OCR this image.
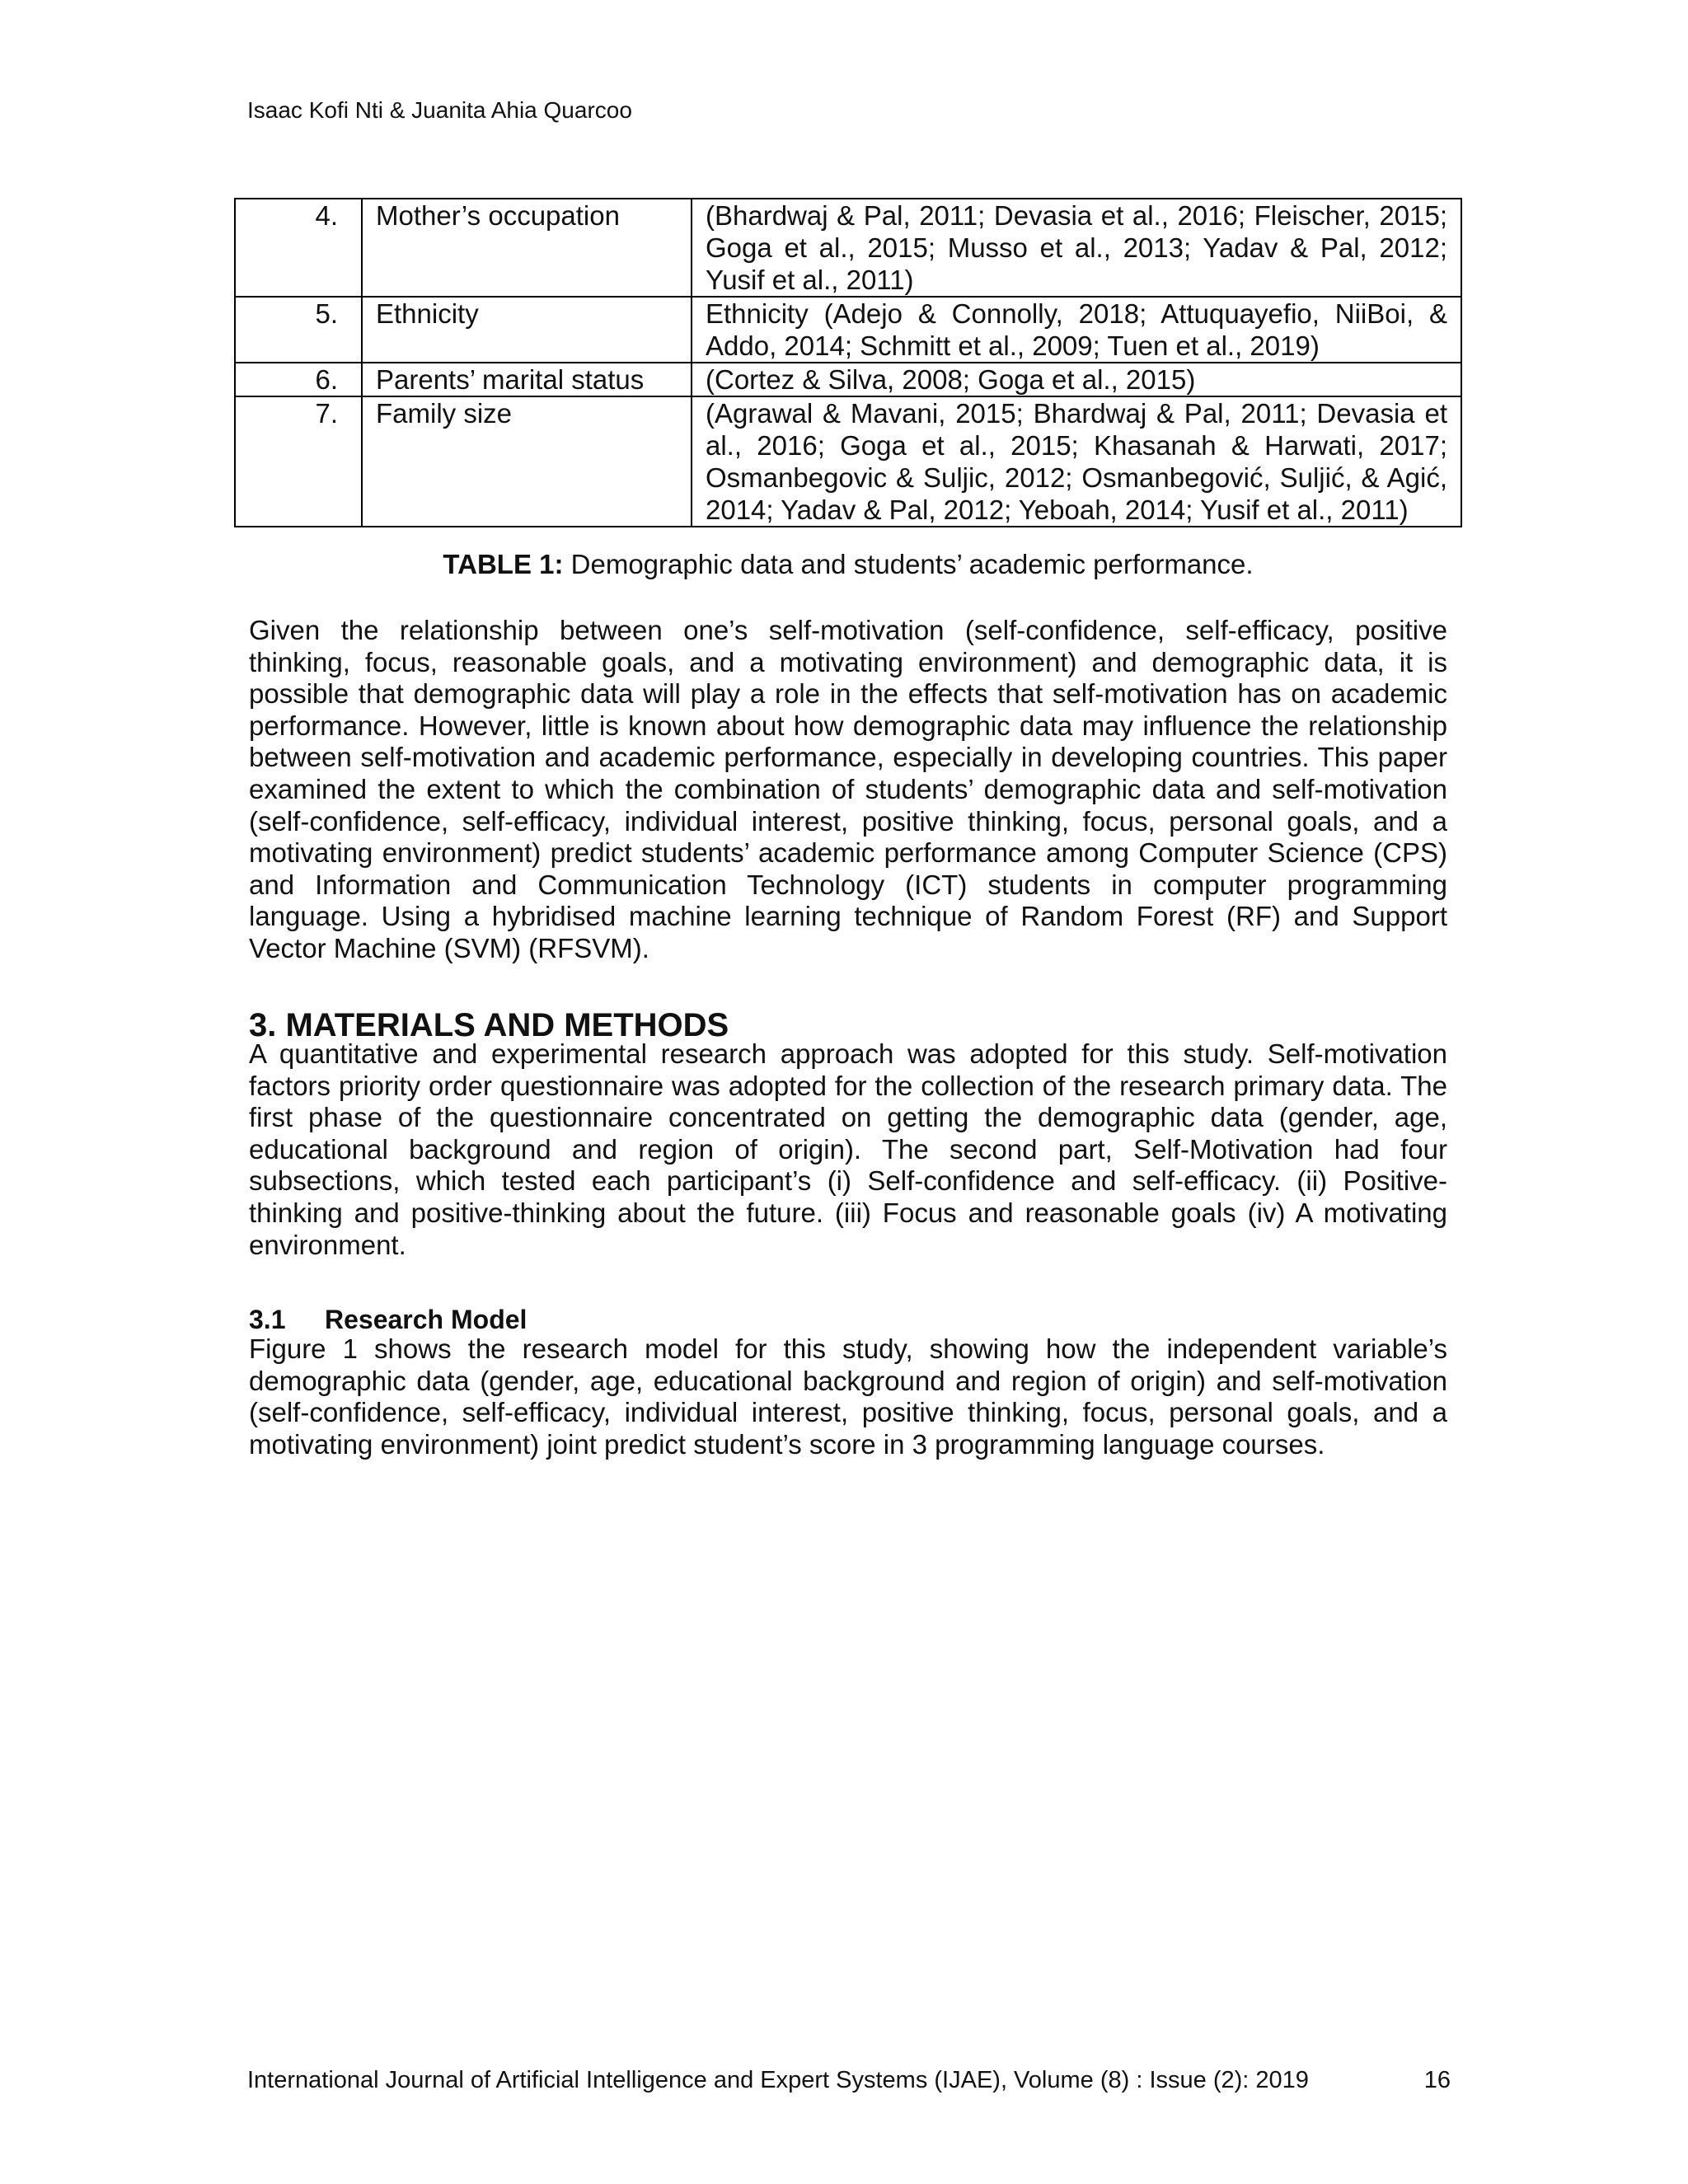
Isaac Kofi Nti & Juanita Ahia Quarcoo
4.	Mother’s occupation	(Bhardwaj & Pal, 2011; Devasia et al., 2016; Fleischer, 2015; Goga et al., 2015; Musso et al., 2013; Yadav & Pal, 2012; Yusif et al., 2011)
5.	Ethnicity	Ethnicity (Adejo & Connolly, 2018; Attuquayefio, NiiBoi, & Addo, 2014; Schmitt et al., 2009; Tuen et al., 2019)
6.	Parents’ marital status	(Cortez & Silva, 2008; Goga et al., 2015)
7.	Family size	(Agrawal & Mavani, 2015; Bhardwaj & Pal, 2011; Devasia et al., 2016; Goga et al., 2015; Khasanah & Harwati, 2017; Osmanbegovic & Suljic, 2012; Osmanbegović, Suljić, & Agić, 2014; Yadav & Pal, 2012; Yeboah, 2014; Yusif et al., 2011)
TABLE 1: Demographic data and students’ academic performance.

Given the relationship between one’s self-motivation (self-confidence, self-efficacy, positive thinking, focus, reasonable goals, and a motivating environment) and demographic data, it is possible that demographic data will play a role in the effects that self-motivation has on academic performance. However, little is known about how demographic data may influence the relationship between self-motivation and academic performance, especially in developing countries. This paper examined the extent to which the combination of students’ demographic data and self-motivation (self-confidence, self-efficacy, individual interest, positive thinking, focus, personal goals, and a motivating environment) predict students’ academic performance among Computer Science (CPS) and Information and Communication Technology (ICT) students in computer programming language. Using a hybridised machine learning technique of Random Forest (RF) and Support Vector Machine (SVM) (RFSVM).

3. MATERIALS AND METHODS

A quantitative and experimental research approach was adopted for this study. Self-motivation factors priority order questionnaire was adopted for the collection of the research primary data. The first phase of the questionnaire concentrated on getting the demographic data (gender, age, educational background and region of origin). The second part, Self-Motivation had four subsections, which tested each participant’s (i) Self-confidence and self-efficacy. (ii) Positive-thinking and positive-thinking about the future. (iii) Focus and reasonable goals (iv) A motivating environment.

3.1 Research Model

Figure 1 shows the research model for this study, showing how the independent variable’s demographic data (gender, age, educational background and region of origin) and self-motivation (self-confidence, self-efficacy, individual interest, positive thinking, focus, personal goals, and a motivating environment) joint predict student’s score in 3 programming language courses.

International Journal of Artificial Intelligence and Expert Systems (IJAE), Volume (8) : Issue (2): 2019	16
